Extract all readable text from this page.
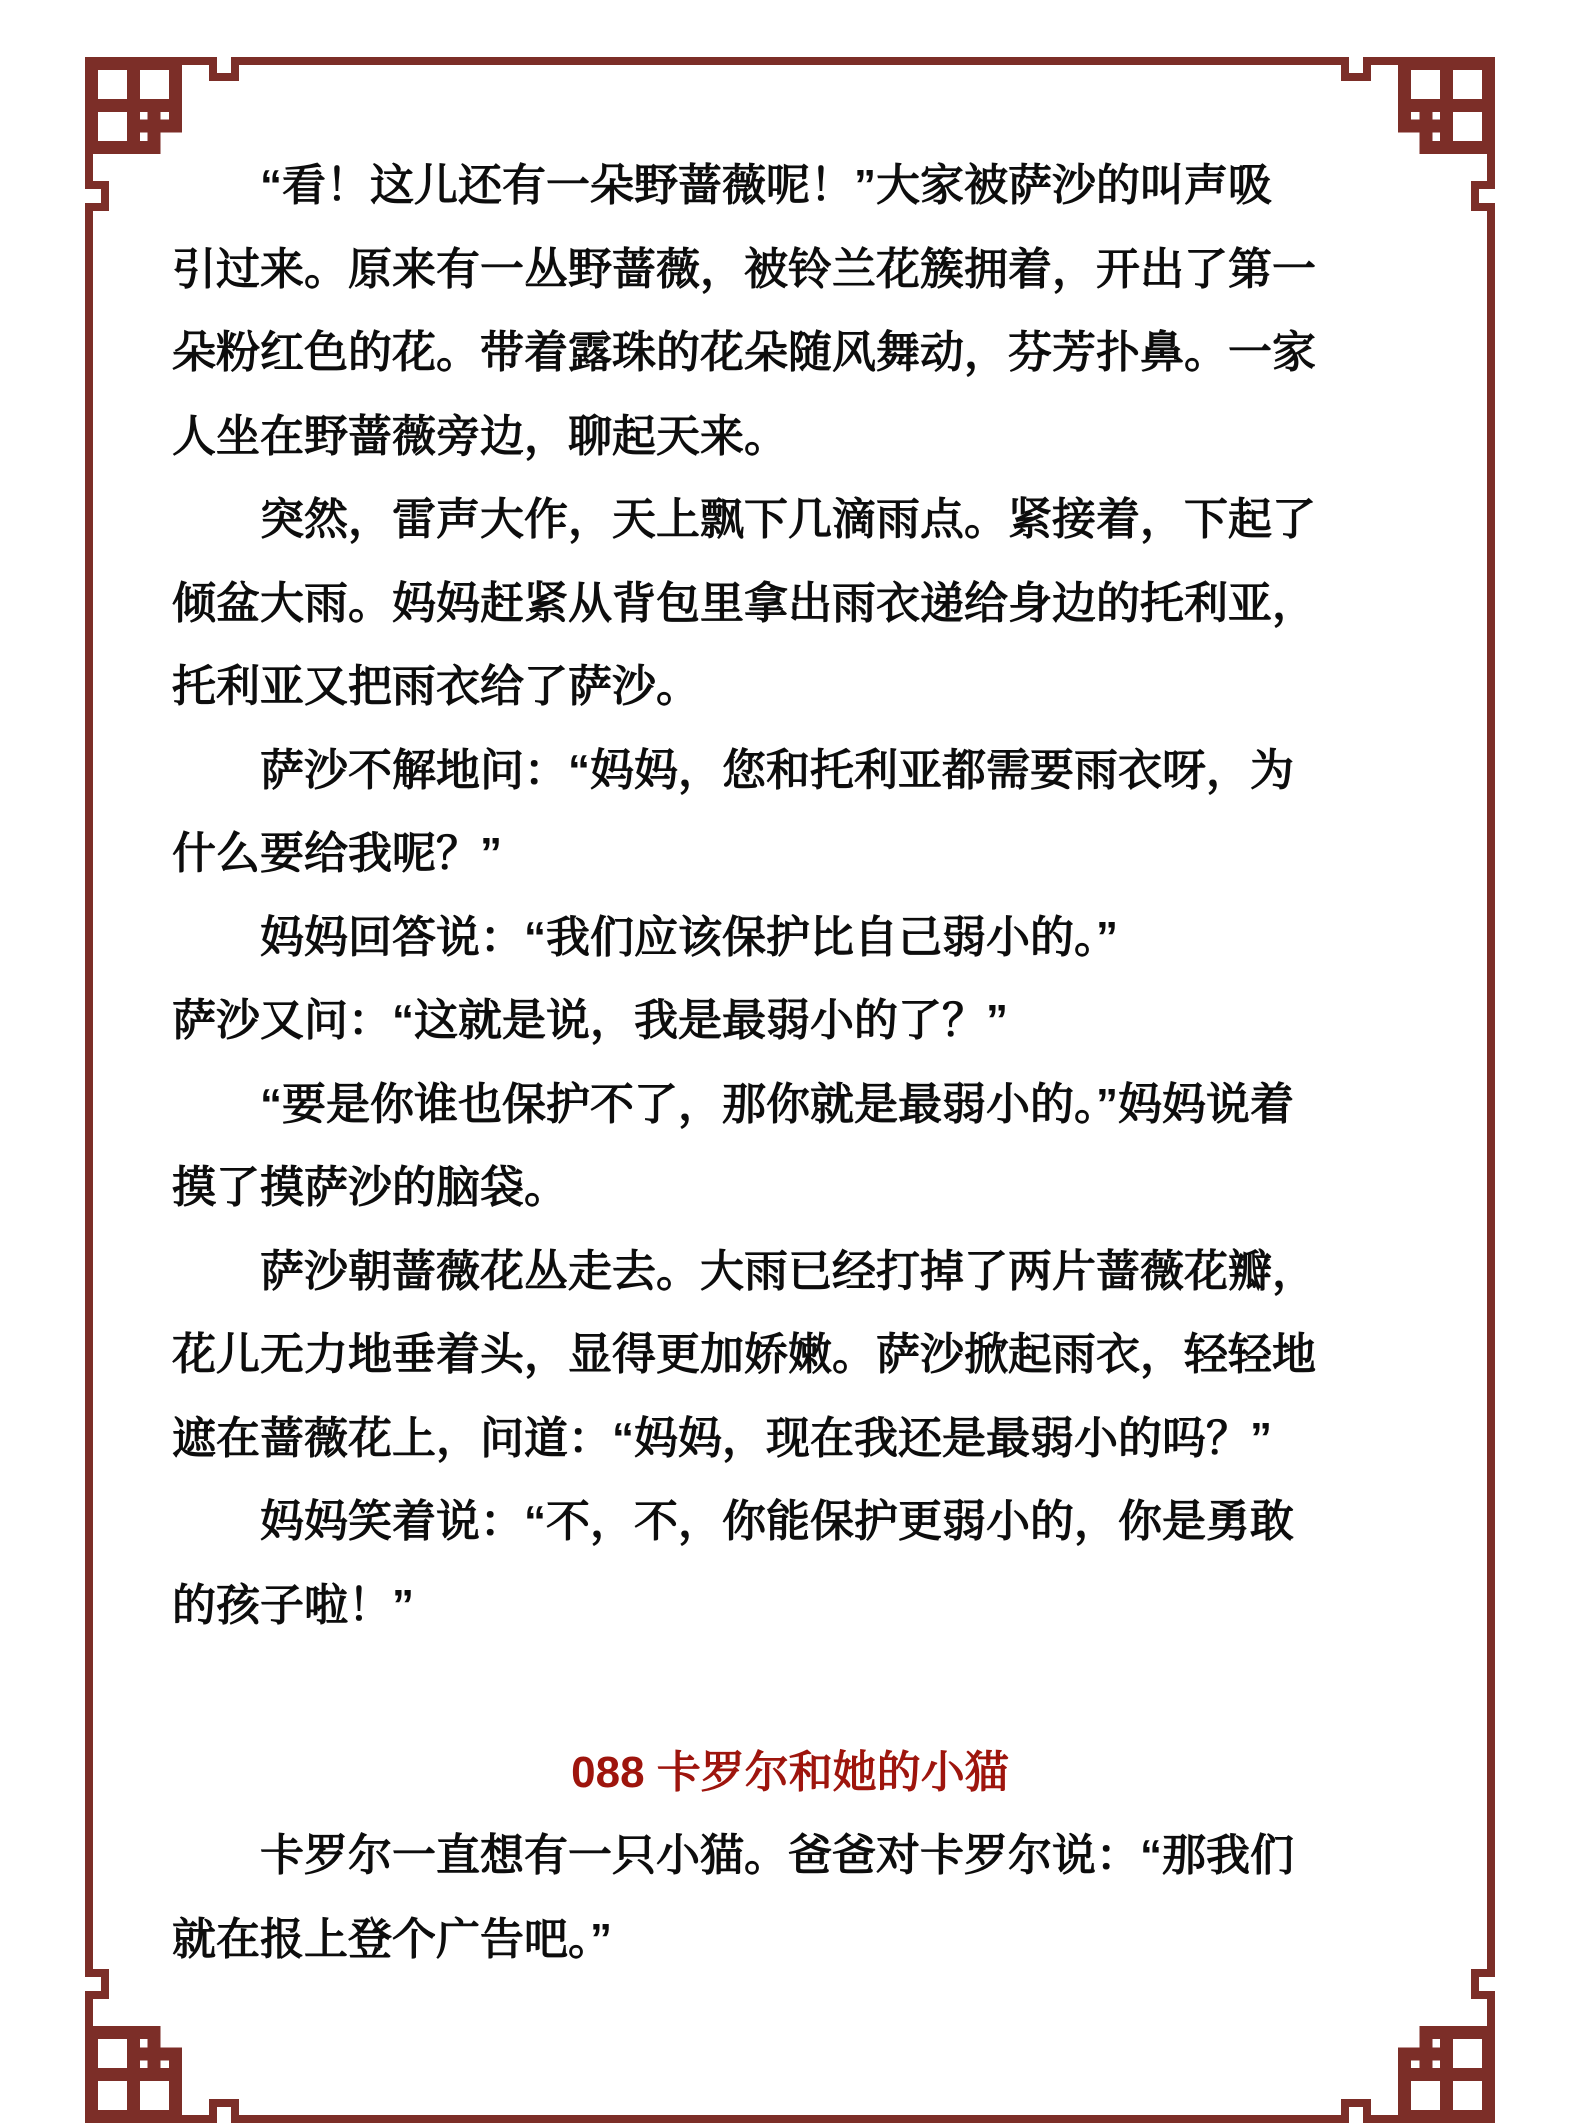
“看！这儿还有一朵野蔷薇呢！”大家被萨沙的叫声吸
引过来。原来有一丛野蔷薇，被铃兰花簇拥着，开出了第一
朵粉红色的花。带着露珠的花朵随风舞动，芬芳扑鼻。一家
人坐在野蔷薇旁边，聊起天来。
突然，雷声大作，天上飘下几滴雨点。紧接着，下起了
倾盆大雨。妈妈赶紧从背包里拿出雨衣递给身边的托利亚，
托利亚又把雨衣给了萨沙。
萨沙不解地问：“妈妈，您和托利亚都需要雨衣呀，为
什么要给我呢？”
妈妈回答说：“我们应该保护比自己弱小的。”
萨沙又问：“这就是说，我是最弱小的了？”
“要是你谁也保护不了，那你就是最弱小的。”妈妈说着
摸了摸萨沙的脑袋。
萨沙朝蔷薇花丛走去。大雨已经打掉了两片蔷薇花瓣，
花儿无力地垂着头，显得更加娇嫩。萨沙掀起雨衣，轻轻地
遮在蔷薇花上，问道：“妈妈，现在我还是最弱小的吗？”
妈妈笑着说：“不，不，你能保护更弱小的，你是勇敢
的孩子啦！”
088 卡罗尔和她的小猫
卡罗尔一直想有一只小猫。爸爸对卡罗尔说：“那我们
就在报上登个广告吧。”
